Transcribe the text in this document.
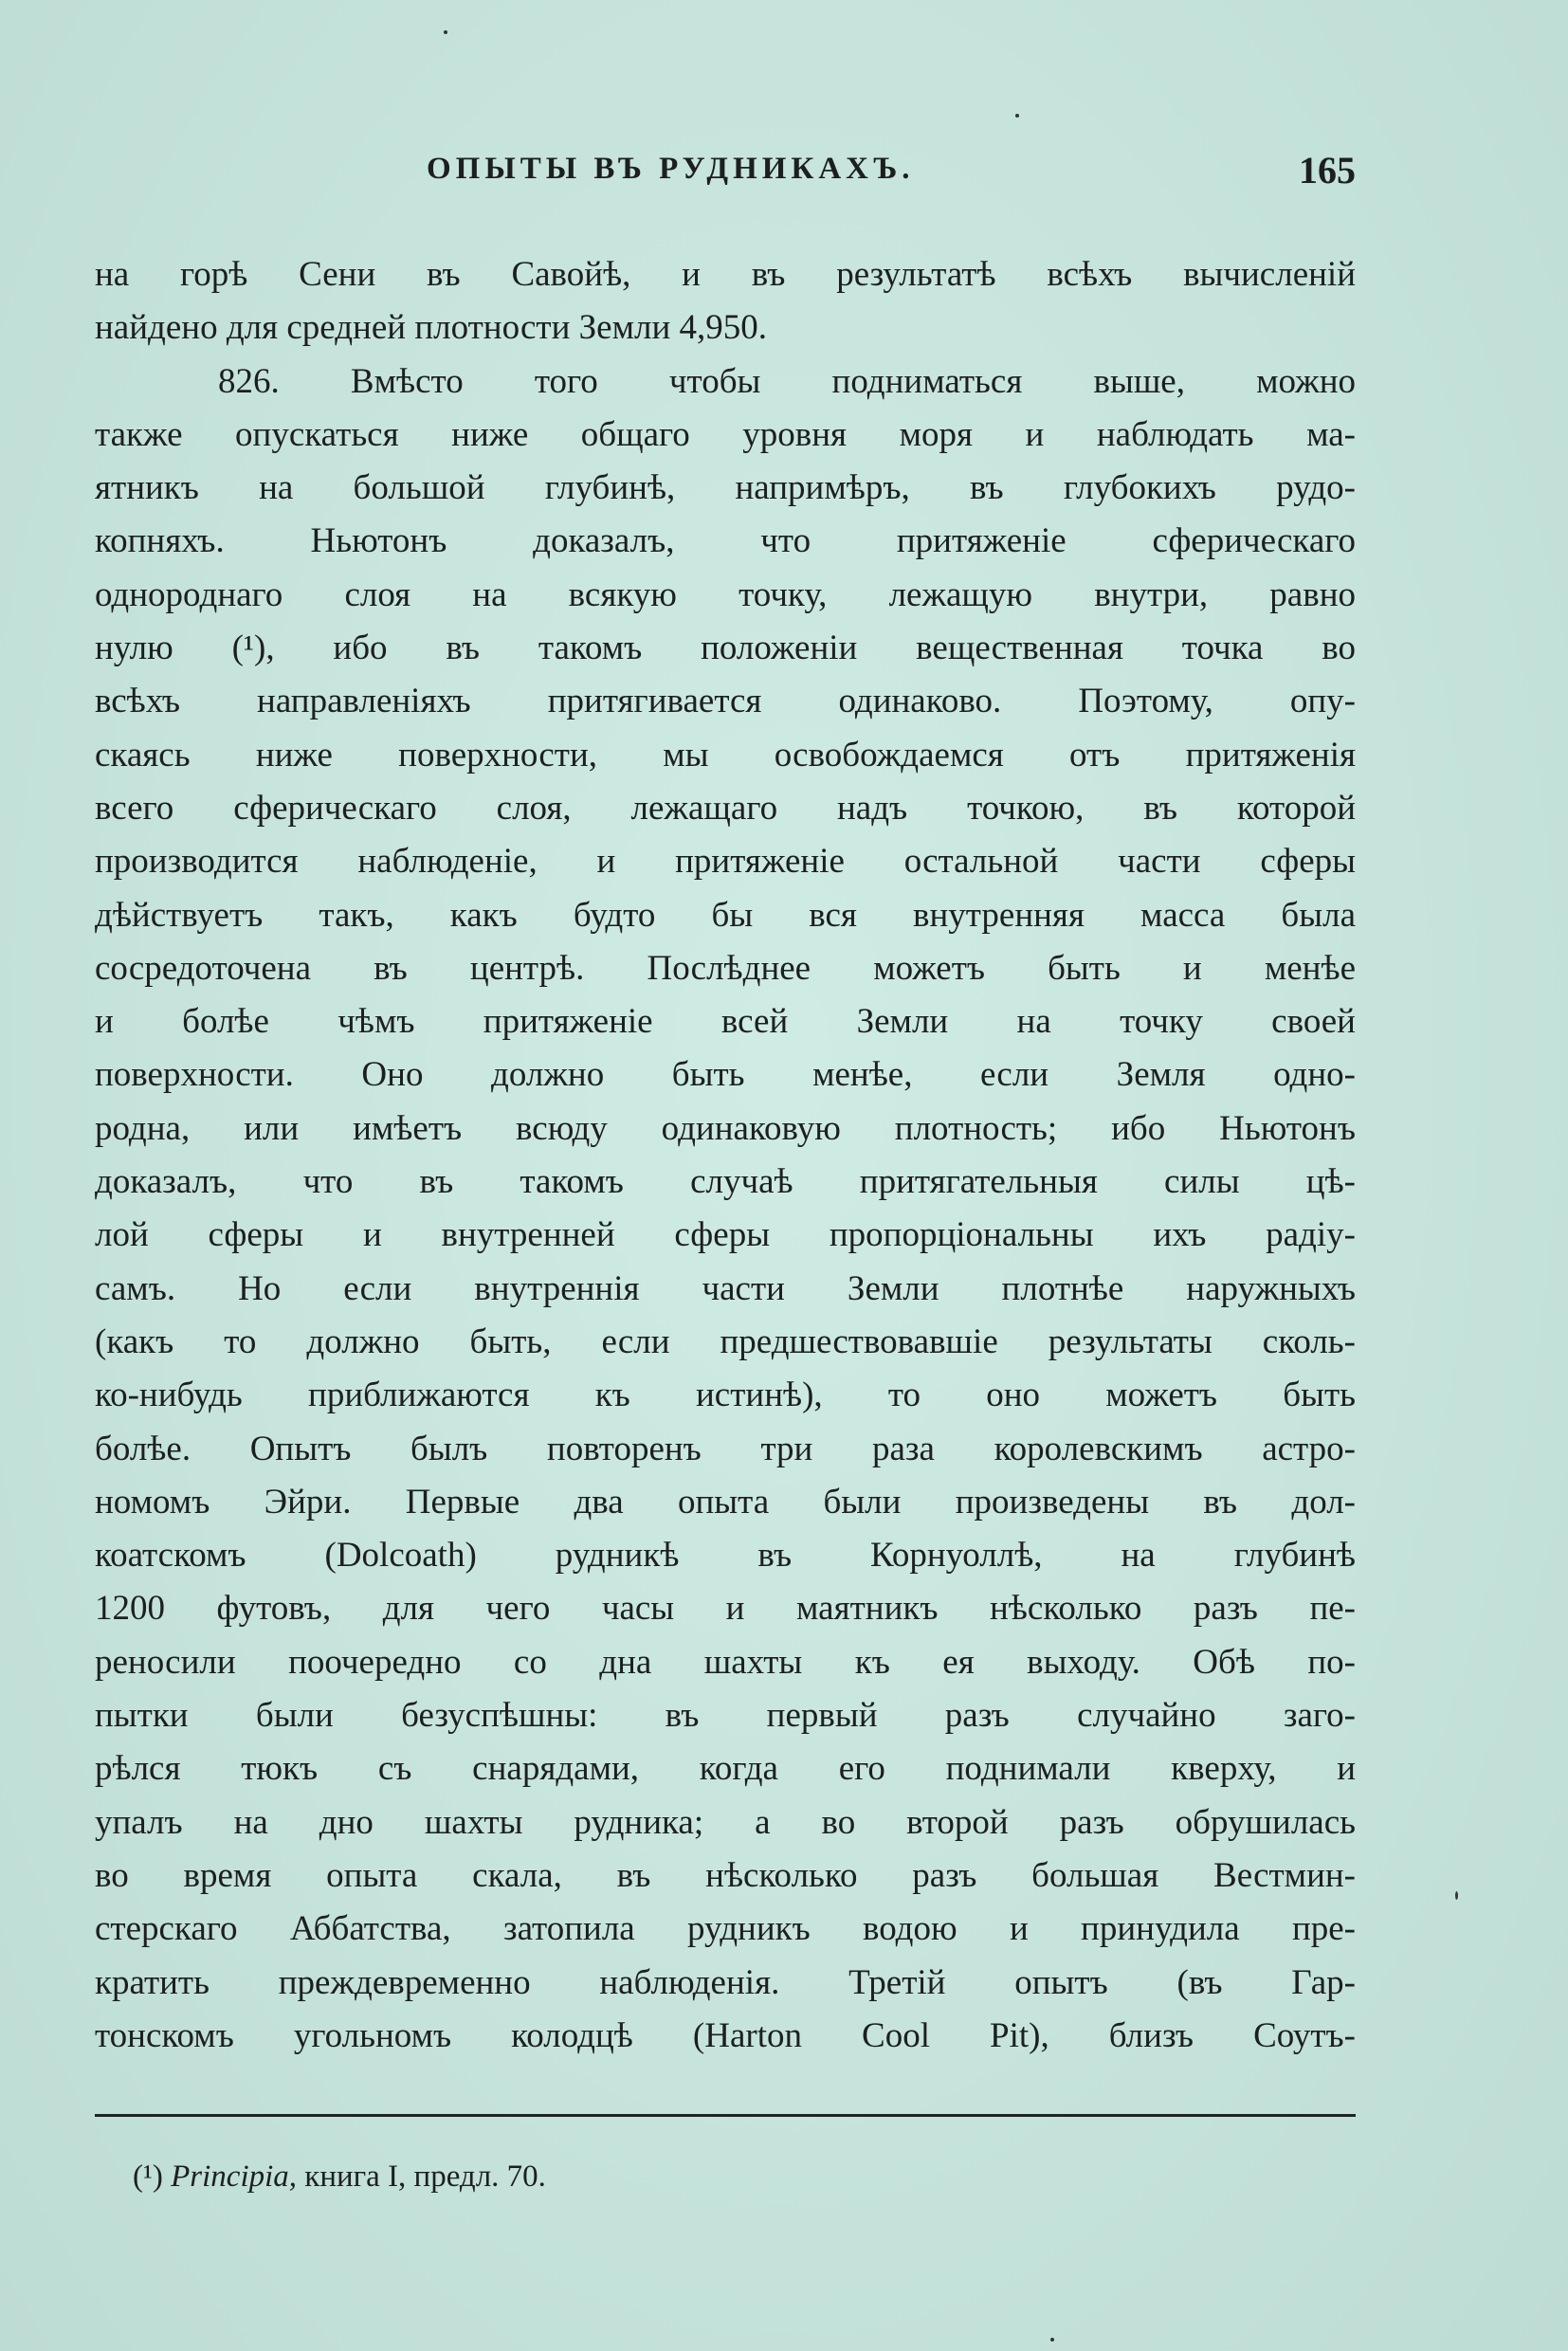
ОПЫТЫ ВЪ РУДНИКАХЪ.	165
на горѣ Сени въ Савойѣ, и въ результатѣ всѣхъ вычисленій
найдено для средней плотности Земли 4,950.
826. Вмѣсто того чтобы подниматься выше, можно
также опускаться ниже общаго уровня моря и наблюдать ма-
ятникъ на большой глубинѣ, напримѣръ, въ глубокихъ рудо-
копняхъ. Ньютонъ доказалъ, что притяженіе сферическаго
однороднаго слоя на всякую точку, лежащую внутри, равно
нулю (¹), ибо въ такомъ положеніи вещественная точка во
всѣхъ направленіяхъ притягивается одинаково. Поэтому, опу-
скаясь ниже поверхности, мы освобождаемся отъ притяженія
всего сферическаго слоя, лежащаго надъ точкою, въ которой
производится наблюденіе, и притяженіе остальной части сферы
дѣйствуетъ такъ, какъ будто бы вся внутренняя масса была
сосредоточена въ центрѣ. Послѣднее можетъ быть и менѣе
и болѣе чѣмъ притяженіе всей Земли на точку своей
поверхности. Оно должно быть менѣе, если Земля одно-
родна, или имѣетъ всюду одинаковую плотность; ибо Ньютонъ
доказалъ, что въ такомъ случаѣ притягательныя силы цѣ-
лой сферы и внутренней сферы пропорціональны ихъ радіу-
самъ. Но если внутреннія части Земли плотнѣе наружныхъ
(какъ то должно быть, если предшествовавшіе результаты сколь-
ко-нибудь приближаются къ истинѣ), то оно можетъ быть
болѣе. Опытъ былъ повторенъ три раза королевскимъ астро-
номомъ Эйри. Первые два опыта были произведены въ дол-
коатскомъ (Dolcoath) рудникѣ въ Корнуоллѣ, на глубинѣ
1200 футовъ, для чего часы и маятникъ нѣсколько разъ пе-
реносили поочередно со дна шахты къ ея выходу. Обѣ по-
пытки были безуспѣшны: въ первый разъ случайно заго-
рѣлся тюкъ съ снарядами, когда его поднимали кверху, и
упалъ на дно шахты рудника; а во второй разъ обрушилась
во время опыта скала, въ нѣсколько разъ большая Вестмин-
стерскаго Аббатства, затопила рудникъ водою и принудила пре-
кратить преждевременно наблюденія. Третій опытъ (въ Гар-
тонскомъ угольномъ колодцѣ (Harton Cool Pit), близъ Соутъ-
(¹) Principia, книга I, предл. 70.
